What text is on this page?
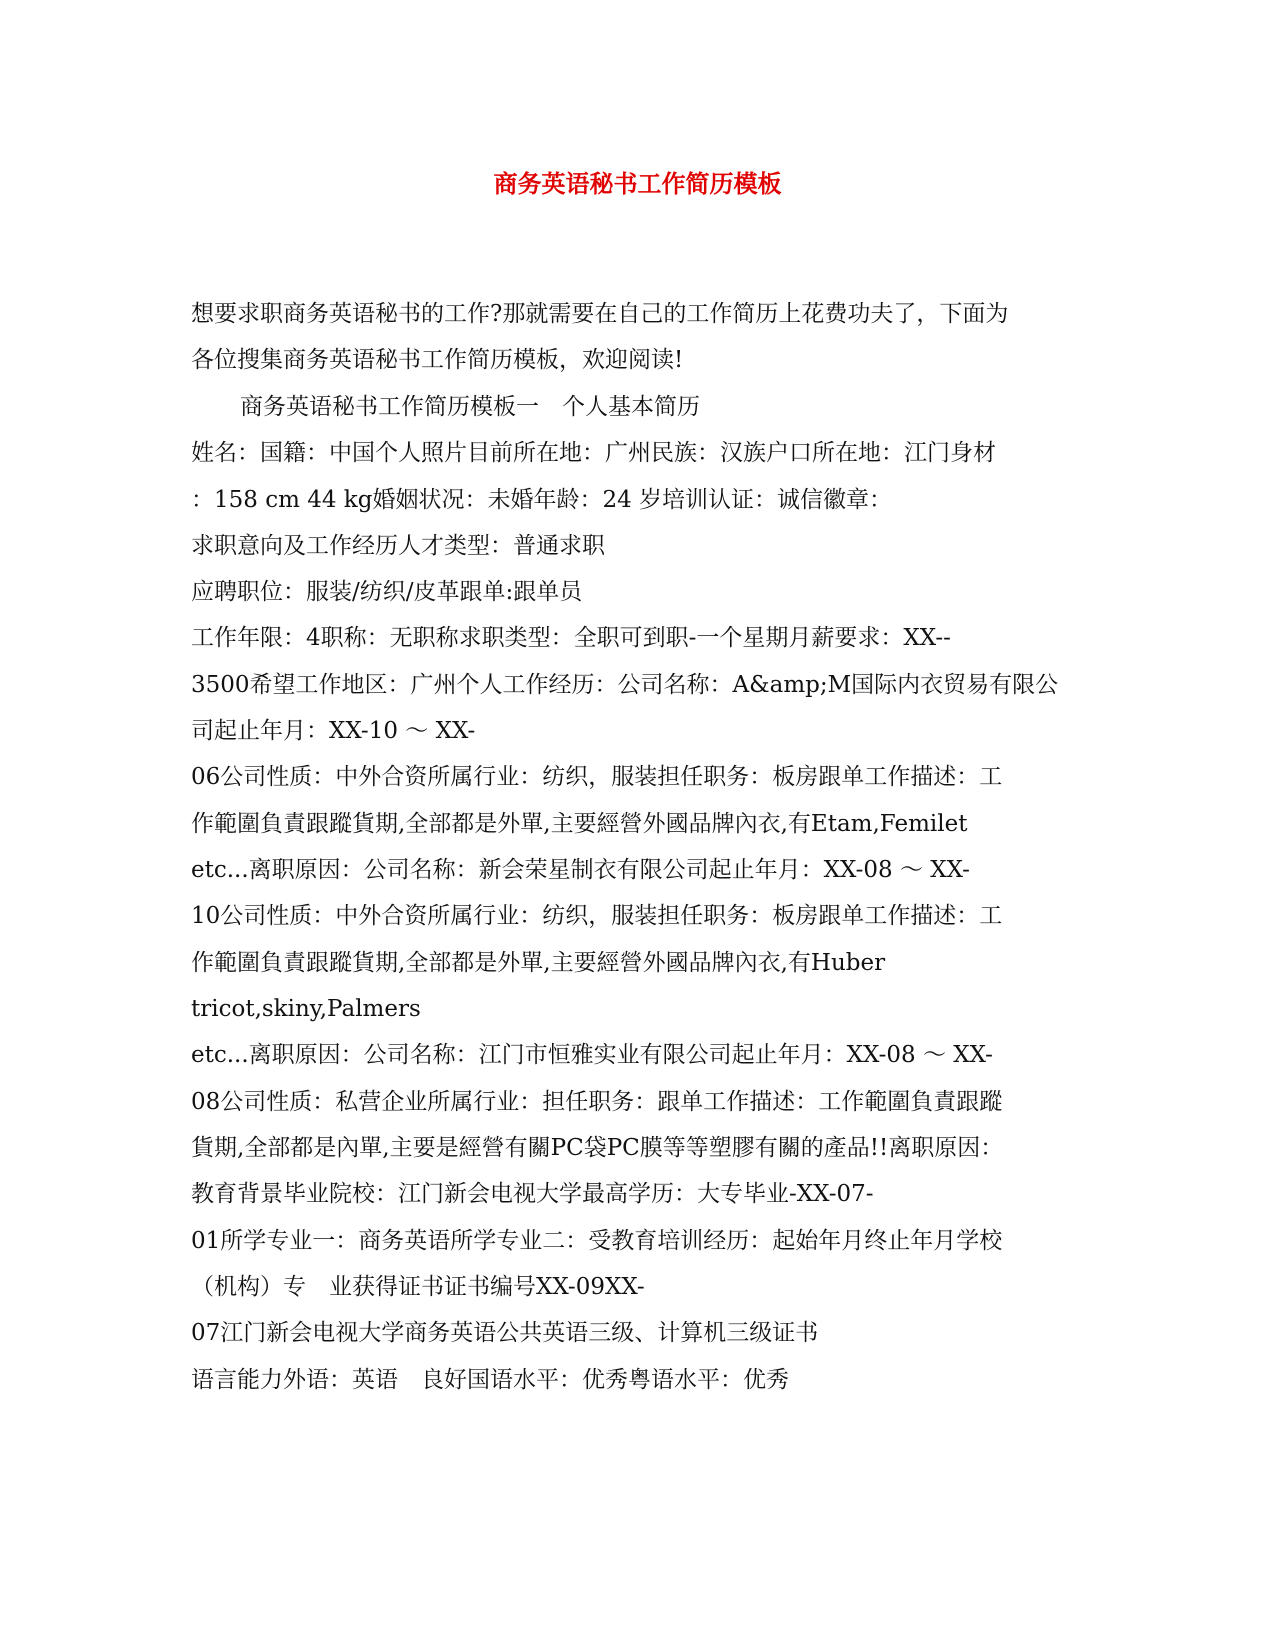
商务英语秘书工作简历模板

想要求职商务英语秘书的工作?那就需要在自己的工作简历上花费功夫了，下面为

各位搜集商务英语秘书工作简历模板，欢迎阅读!

商务英语秘书工作简历模板一　个人基本简历

姓名：国籍：中国个人照片目前所在地：广州民族：汉族户口所在地：江门身材

：158 cm 44 kg婚姻状况：未婚年龄：24 岁培训认证：诚信徽章：

求职意向及工作经历人才类型：普通求职

应聘职位：服装/纺织/皮革跟单:跟单员

工作年限：4职称：无职称求职类型：全职可到职-一个星期月薪要求：XX--

3500希望工作地区：广州个人工作经历：公司名称：A&amp;M国际内衣贸易有限公

司起止年月：XX-10 ～ XX-

06公司性质：中外合资所属行业：纺织，服装担任职务：板房跟单工作描述：工

作範圍負責跟蹤貨期,全部都是外單,主要經營外國品牌內衣,有Etam,Femilet

etc...离职原因：公司名称：新会荣星制衣有限公司起止年月：XX-08 ～ XX-

10公司性质：中外合资所属行业：纺织，服装担任职务：板房跟单工作描述：工

作範圍負責跟蹤貨期,全部都是外單,主要經營外國品牌內衣,有Huber

tricot,skiny,Palmers

etc...离职原因：公司名称：江门市恒雅实业有限公司起止年月：XX-08 ～ XX-

08公司性质：私营企业所属行业：担任职务：跟单工作描述：工作範圍負責跟蹤

貨期,全部都是內單,主要是經營有關PC袋PC膜等等塑膠有關的產品!!离职原因：

教育背景毕业院校：江门新会电视大学最高学历：大专毕业-XX-07-

01所学专业一：商务英语所学专业二：受教育培训经历：起始年月终止年月学校

（机构）专　业获得证书证书编号XX-09XX-

07江门新会电视大学商务英语公共英语三级、计算机三级证书

语言能力外语：英语　良好国语水平：优秀粤语水平：优秀
